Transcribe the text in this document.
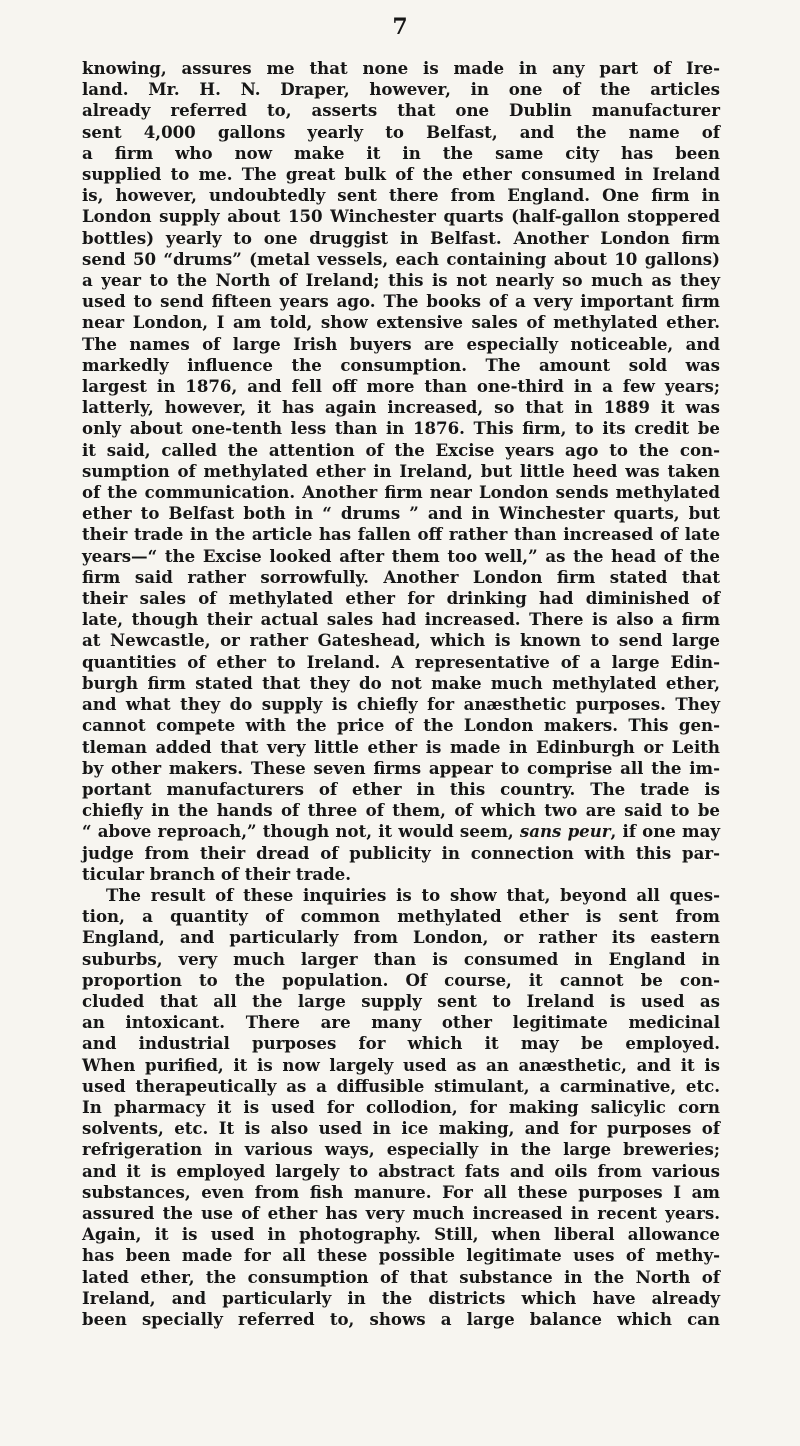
7
knowing, assures me that none is made in any part of Ire-
land. Mr. H. N. Draper, however, in one of the articles
already referred to, asserts that one Dublin manufacturer
sent 4,000 gallons yearly to Belfast, and the name of
a firm who now make it in the same city has been
supplied to me. The great bulk of the ether consumed in Ireland
is, however, undoubtedly sent there from England. One firm in
London supply about 150 Winchester quarts (half-gallon stoppered
bottles) yearly to one druggist in Belfast. Another London firm
send 50 “drums” (metal vessels, each containing about 10 gallons)
a year to the North of Ireland; this is not nearly so much as they
used to send fifteen years ago. The books of a very important firm
near London, I am told, show extensive sales of methylated ether.
The names of large Irish buyers are especially noticeable, and
markedly influence the consumption. The amount sold was
largest in 1876, and fell off more than one-third in a few years;
latterly, however, it has again increased, so that in 1889 it was
only about one-tenth less than in 1876. This firm, to its credit be
it said, called the attention of the Excise years ago to the con-
sumption of methylated ether in Ireland, but little heed was taken
of the communication. Another firm near London sends methylated
ether to Belfast both in “ drums ” and in Winchester quarts, but
their trade in the article has fallen off rather than increased of late
years—“ the Excise looked after them too well,” as the head of the
firm said rather sorrowfully. Another London firm stated that
their sales of methylated ether for drinking had diminished of
late, though their actual sales had increased. There is also a firm
at Newcastle, or rather Gateshead, which is known to send large
quantities of ether to Ireland. A representative of a large Edin-
burgh firm stated that they do not make much methylated ether,
and what they do supply is chiefly for anæsthetic purposes. They
cannot compete with the price of the London makers. This gen-
tleman added that very little ether is made in Edinburgh or Leith
by other makers. These seven firms appear to comprise all the im-
portant manufacturers of ether in this country. The trade is
chiefly in the hands of three of them, of which two are said to be
“ above reproach,” though not, it would seem, sans peur, if one may
judge from their dread of publicity in connection with this par-
ticular branch of their trade.
The result of these inquiries is to show that, beyond all ques-
tion, a quantity of common methylated ether is sent from
England, and particularly from London, or rather its eastern
suburbs, very much larger than is consumed in England in
proportion to the population. Of course, it cannot be con-
cluded that all the large supply sent to Ireland is used as
an intoxicant. There are many other legitimate medicinal
and industrial purposes for which it may be employed.
When purified, it is now largely used as an anæsthetic, and it is
used therapeutically as a diffusible stimulant, a carminative, etc.
In pharmacy it is used for collodion, for making salicylic corn
solvents, etc. It is also used in ice making, and for purposes of
refrigeration in various ways, especially in the large breweries;
and it is employed largely to abstract fats and oils from various
substances, even from fish manure. For all these purposes I am
assured the use of ether has very much increased in recent years.
Again, it is used in photography. Still, when liberal allowance
has been made for all these possible legitimate uses of methy-
lated ether, the consumption of that substance in the North of
Ireland, and particularly in the districts which have already
been specially referred to, shows a large balance which can
